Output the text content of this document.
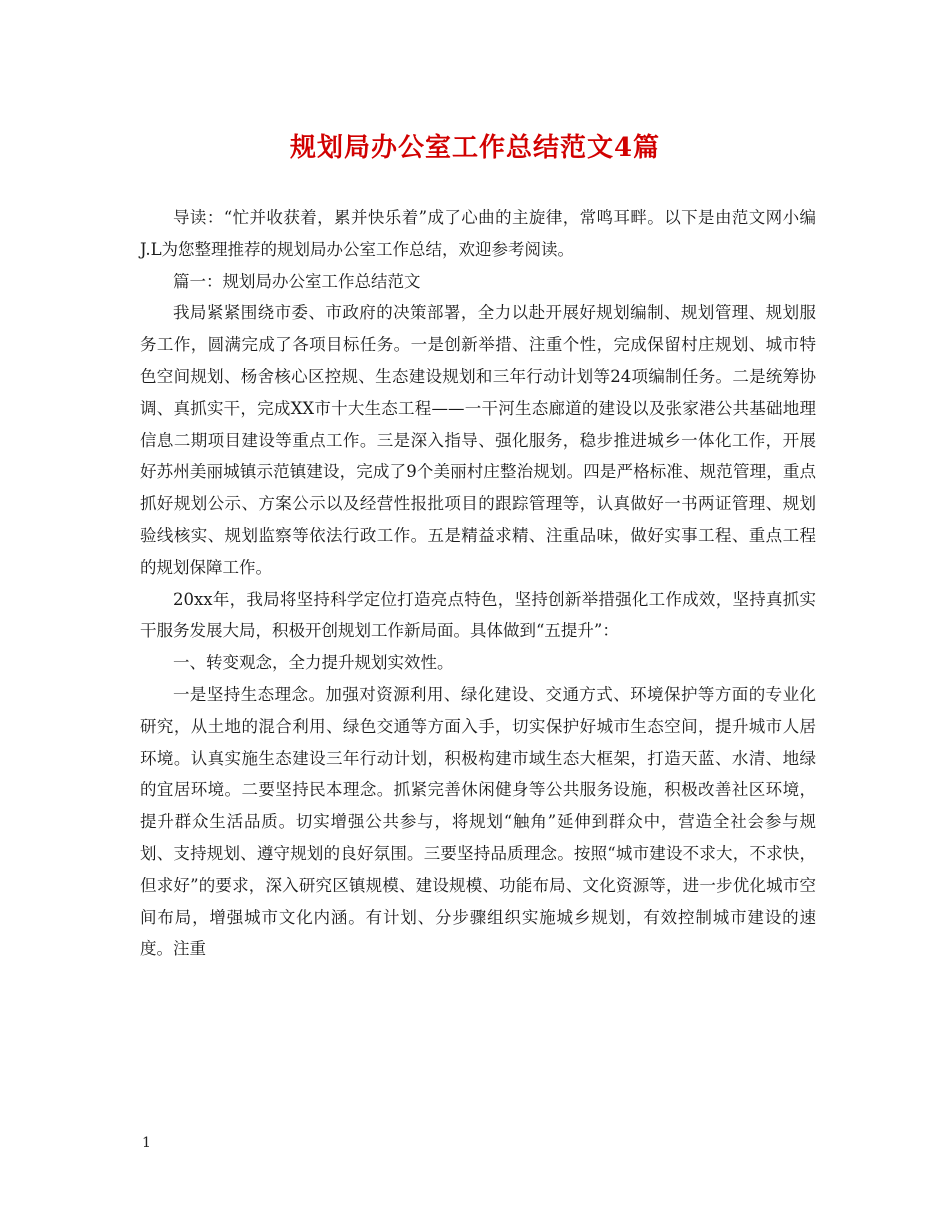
规划局办公室工作总结范文4篇

导读：“忙并收获着，累并快乐着”成了心曲的主旋律，常鸣耳畔。以下是由范文网小编J.L为您整理推荐的规划局办公室工作总结，欢迎参考阅读。

篇一：规划局办公室工作总结范文

我局紧紧围绕市委、市政府的决策部署，全力以赴开展好规划编制、规划管理、规划服务工作，圆满完成了各项目标任务。一是创新举措、注重个性，完成保留村庄规划、城市特色空间规划、杨舍核心区控规、生态建设规划和三年行动计划等24项编制任务。二是统筹协调、真抓实干，完成XX市十大生态工程——一干河生态廊道的建设以及张家港公共基础地理信息二期项目建设等重点工作。三是深入指导、强化服务，稳步推进城乡一体化工作，开展好苏州美丽城镇示范镇建设，完成了9个美丽村庄整治规划。四是严格标准、规范管理，重点抓好规划公示、方案公示以及经营性报批项目的跟踪管理等，认真做好一书两证管理、规划验线核实、规划监察等依法行政工作。五是精益求精、注重品味，做好实事工程、重点工程的规划保障工作。

20xx年，我局将坚持科学定位打造亮点特色，坚持创新举措强化工作成效，坚持真抓实干服务发展大局，积极开创规划工作新局面。具体做到“五提升”：

一、转变观念，全力提升规划实效性。

一是坚持生态理念。加强对资源利用、绿化建设、交通方式、环境保护等方面的专业化研究，从土地的混合利用、绿色交通等方面入手，切实保护好城市生态空间，提升城市人居环境。认真实施生态建设三年行动计划，积极构建市域生态大框架，打造天蓝、水清、地绿的宜居环境。二要坚持民本理念。抓紧完善休闲健身等公共服务设施，积极改善社区环境，提升群众生活品质。切实增强公共参与，将规划“触角”延伸到群众中，营造全社会参与规划、支持规划、遵守规划的良好氛围。三要坚持品质理念。按照“城市建设不求大，不求快，但求好”的要求，深入研究区镇规模、建设规模、功能布局、文化资源等，进一步优化城市空间布局，增强城市文化内涵。有计划、分步骤组织实施城乡规划，有效控制城市建设的速度。注重

1
